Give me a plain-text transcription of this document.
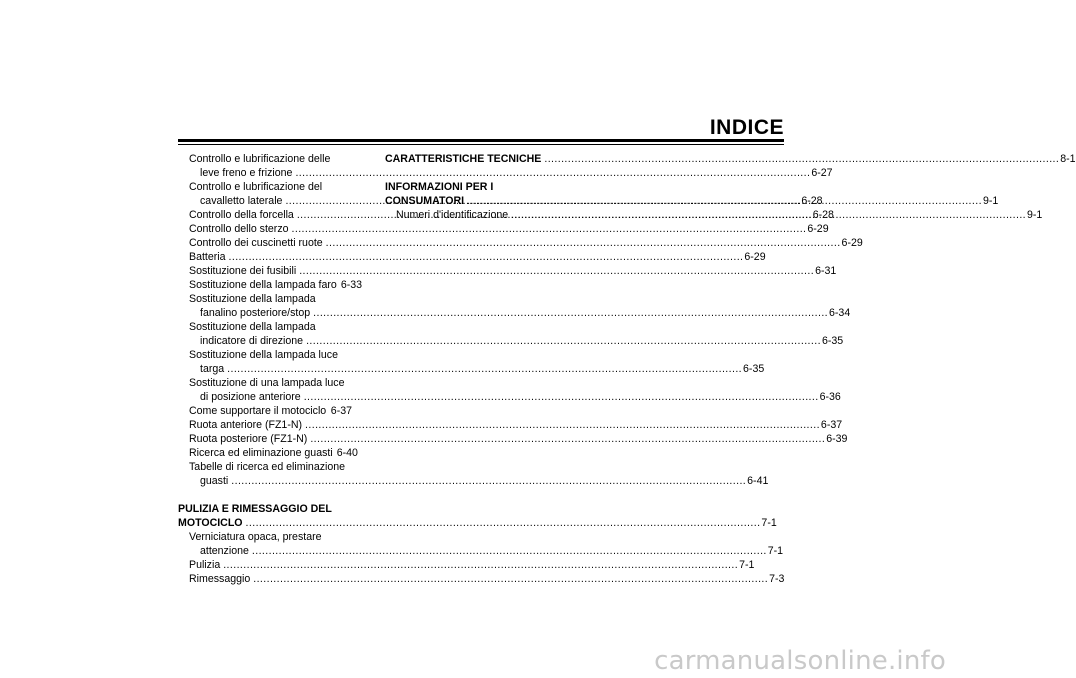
INDICE
Controllo e lubrificazione delle
leve freno e frizione .....	6-27
Controllo e lubrificazione del
cavalletto laterale .....	6-28
Controllo della forcella .....	6-28
Controllo dello sterzo .....	6-29
Controllo dei cuscinetti ruote .....	6-29
Batteria .....	6-29
Sostituzione dei fusibili .....	6-31
Sostituzione della lampada faro 6-33
Sostituzione della lampada
fanalino posteriore/stop .....	6-34
Sostituzione della lampada
indicatore di direzione .....	6-35
Sostituzione della lampada luce
targa .....	6-35
Sostituzione di una lampada luce
di posizione anteriore .....	6-36
Come supportare il motociclo ..... 6-37
Ruota anteriore (FZ1-N) .....	6-37
Ruota posteriore (FZ1-N) .....	6-39
Ricerca ed eliminazione guasti 6-40
Tabelle di ricerca ed eliminazione
guasti .....	6-41
PULIZIA E RIMESSAGGIO DEL
MOTOCICLO .....	7-1
Verniciatura opaca, prestare
attenzione .....	7-1
Pulizia .....	7-1
Rimessaggio .....	7-3
CARATTERISTICHE TECNICHE .....	8-1
INFORMAZIONI PER I
CONSUMATORI .....	9-1
Numeri d'identificazione .....	9-1
carmanualsonline.info
